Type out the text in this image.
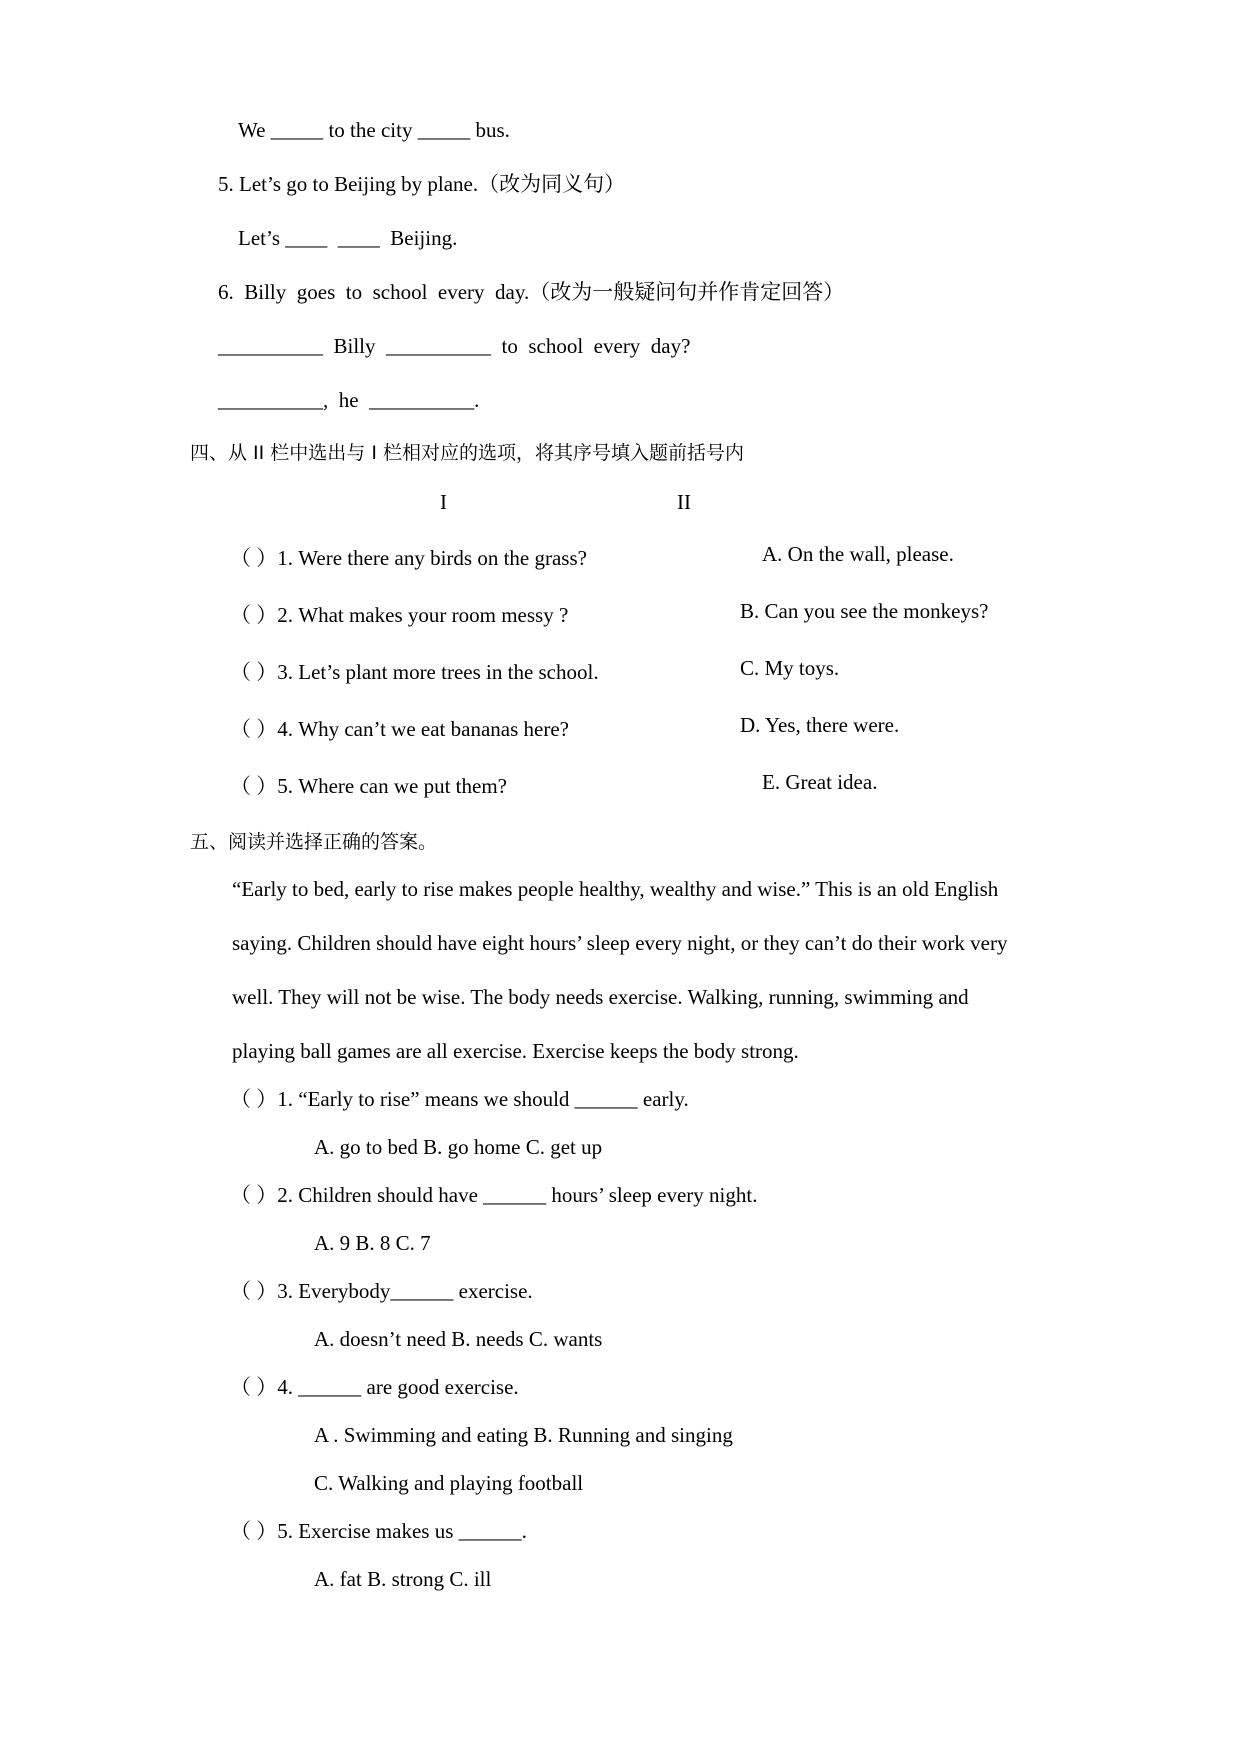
We _____ to the city _____ bus.
5. Let’s go to Beijing by plane.（改为同义句）
Let’s ____  ____  Beijing.
6.  Billy  goes  to  school  every  day.（改为一般疑问句并作肯定回答）
__________  Billy  __________  to  school  every  day?
__________,  he  __________.
四、从 II 栏中选出与 I 栏相对应的选项，将其序号填入题前括号内
I	II
（ ）1. Were there any birds on the grass?	A. On the wall, please.
（ ）2. What makes your room messy ?	B. Can you see the monkeys?
（ ）3. Let’s plant more trees in the school.	C. My toys.
（ ）4. Why can’t we eat bananas here?	D. Yes, there were.
（ ）5. Where can we put them?	E. Great idea.
五、阅读并选择正确的答案。

“Early to bed, early to rise makes people healthy, wealthy and wise.” This is an old English

saying. Children should have eight hours’ sleep every night, or they can’t do their work very

well. They will not be wise. The body needs exercise. Walking, running, swimming and

playing ball games are all exercise. Exercise keeps the body strong.

（ ）1. “Early to rise” means we should ______ early.
A. go to bed B. go home C. get up
（ ）2. Children should have ______ hours’ sleep every night.
A. 9 B. 8 C. 7
（ ）3. Everybody______ exercise.
A. doesn’t need B. needs C. wants
（ ）4. ______ are good exercise.
A . Swimming and eating B. Running and singing
C. Walking and playing football
（ ）5. Exercise makes us ______.
A. fat B. strong C. ill
